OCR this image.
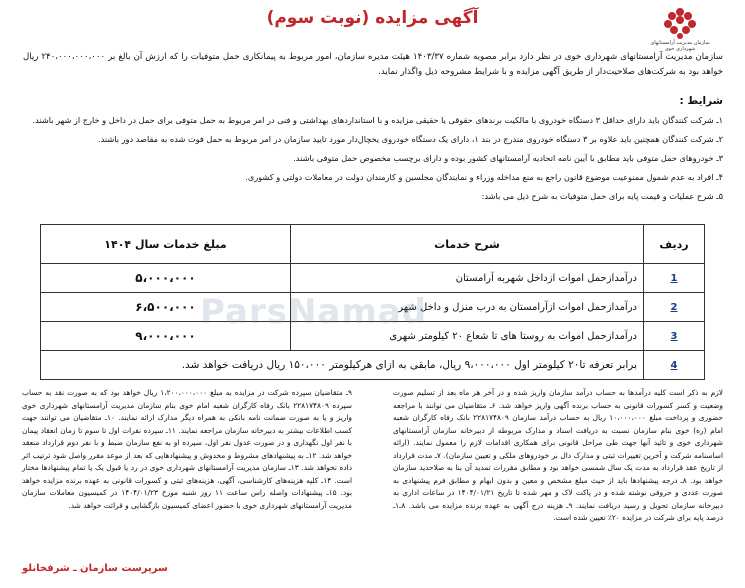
سازمان مدیریت آرامستانهای شهرداری خوی
آگهی مزایده (نوبت سوم)
سازمان مدیریت آرامستانهای شهرداری خوی در نظر دارد برابر مصوبه شماره ۱۴۰۳/۳۷ هیئت مدیره سازمان، امور مربوط به پیمانکاری حمل متوفیات را که ارزش آن بالغ بر ۲۴۰،۰۰۰،۰۰۰،۰۰۰ ریال خواهد بود به شرکت‌های صلاحیت‌دار از طریق آگهی مزایده و با شرایط مشروحه ذیل واگذار نماید.
شرایط :
۱ـ شرکت کنندگان باید دارای حداقل ۳ دستگاه خودروی با مالکیت برندهای حقوقی یا حقیقی مزایده و با استانداردهای بهداشتی و فنی در امر مربوط به حمل متوفی برای حمل در داخل و خارج از شهر باشند.
۲ـ شرکت کنندگان همچنین باید علاوه بر ۳ دستگاه خودروی مندرج در بند ۱، دارای یک دستگاه خودروی یخچال‌دار مورد تایید سازمان در امر مربوط به حمل فوت شده به مقاصد دور باشند.
۳ـ خودروهای حمل متوفی باید مطابق با آیین نامه اتحادیه آرامستانهای کشور بوده و دارای برچسب مخصوص حمل متوفی باشند.
۴ـ افراد به عدم شمول ممنوعیت موضوع قانون راجع به منع مداخله وزراء و نمایندگان مجلسین و کارمندان دولت در معاملات دولتی و کشوری.
۵ـ شرح عملیات و قیمت پایه برای حمل متوفیات به شرح ذیل می باشد:
ردیف	شرح خدمات	مبلغ خدمات سال ۱۴۰۴
1	درآمدازحمل اموات ازداخل شهربه آرامستان	۵،۰۰۰،۰۰۰
2	درآمدازحمل اموات ازآرامستان به درب منزل و داخل شهر	۶،۵۰۰،۰۰۰
3	درآمدازحمل اموات به روستا های تا شعاع ۲۰ کیلومتر شهری	۹،۰۰۰،۰۰۰
4	برابر تعرفه تا۲۰ کیلومتر اول ۹،۰۰۰،۰۰۰ ریال، مابقی به ازای هرکیلومتر ۱۵۰،۰۰۰ ریال دریافت خواهد شد.	
ParsNamad
لازم به ذکر است کلیه درآمدها به حساب درآمد سازمان واریز شده و در آخر هر ماه بعد از تسلیم صورت وضعیت و کسر کسورات قانونی به حساب برنده آگهی واریز خواهد شد. ۶ـ متقاضیان می توانند با مراجعه حضوری و پرداخت مبلغ ۱۰،۰۰۰،۰۰۰ ریال به حساب درآمد سازمان ۲۲۸۱۷۴۸۰۹ بانک رفاه کارگران شعبه امام (ره) خوی بنام سازمان نسبت به دریافت اسناد و مدارک مربوطه از دبیرخانه سازمان آرامستانهای شهرداری خوی و تائید آنها جهت طی مراحل قانونی برای همکاری اقدامات لازم را معمول نمایند. (ارائه اساسنامه شرکت و آخرین تغییرات ثبتی و مدارک دال بر خودروهای ملکی و تعیین سازمان). ۷ـ مدت قرارداد از تاریخ عقد قرارداد به مدت یک سال شمسی خواهد بود و مطابق مقررات تمدید آن بنا به صلاحدید سازمان خواهد بود. ۸ـ درجه پیشنهادها باید از حیث مبلغ مشخص و معین و بدون ابهام و مطابق فرم پیشنهادی به صورت عددی و حروفی نوشته شده و در پاکت لاک و مهر شده تا تاریخ ۱۴۰۴/۰۱/۲۱ در ساعات اداری به دبیرخانه سازمان تحویل و رسید دریافت نمایند. ۹ـ هزینه درج آگهی به عهده برنده مزایده می باشد. ۸ـ۱ـ درصد پایه برای شرکت در مزایده ۲۰٪ تعیین شده است.
۹ـ متقاضیان سپرده شرکت در مزایده به مبلغ ۱،۲۰۰،۰۰۰،۰۰۰ ریال خواهد بود که به صورت نقد به حساب سپرده ۲۲۸۱۷۴۸۰۹ بانک رفاه کارگران شعبه امام خوی بنام سازمان مدیریت آرامستانهای شهرداری خوی واریز و یا به صورت ضمانت نامه بانکی به همراه دیگر مدارک ارائه نمایند. ۱۰ـ متقاضیان می توانند جهت کسب اطلاعات بیشتر به دبیرخانه سازمان مراجعه نمایند. ۱۱ـ سپرده نفرات اول تا سوم تا زمان انعقاد پیمان با نفر اول نگهداری و در صورت عدول نفر اول، سپرده او به نفع سازمان ضبط و با نفر دوم قرارداد منعقد خواهد شد. ۱۲ـ به پیشنهادهای مشروط و مخدوش و پیشنهادهایی که بعد از موعد مقرر واصل شود ترتیب اثر داده نخواهد شد. ۱۳ـ سازمان مدیریت آرامستانهای شهرداری خوی در رد یا قبول یک یا تمام پیشنهادها مختار است. ۱۴ـ کلیه هزینه‌های کارشناسی، آگهی، هزینه‌های ثبتی و کسورات قانونی به عهده برنده مزایده خواهد بود. ۱۵ـ پیشنهادات واصله راس ساعت ۱۱ روز شنبه مورخ ۱۴۰۴/۰۱/۲۳ در کمیسیون معاملات سازمان مدیریت آرامستانهای شهرداری خوی با حضور اعضای کمیسیون بازگشایی و قرائت خواهد شد.
سرپرست سازمان ـ شرفخانلو
